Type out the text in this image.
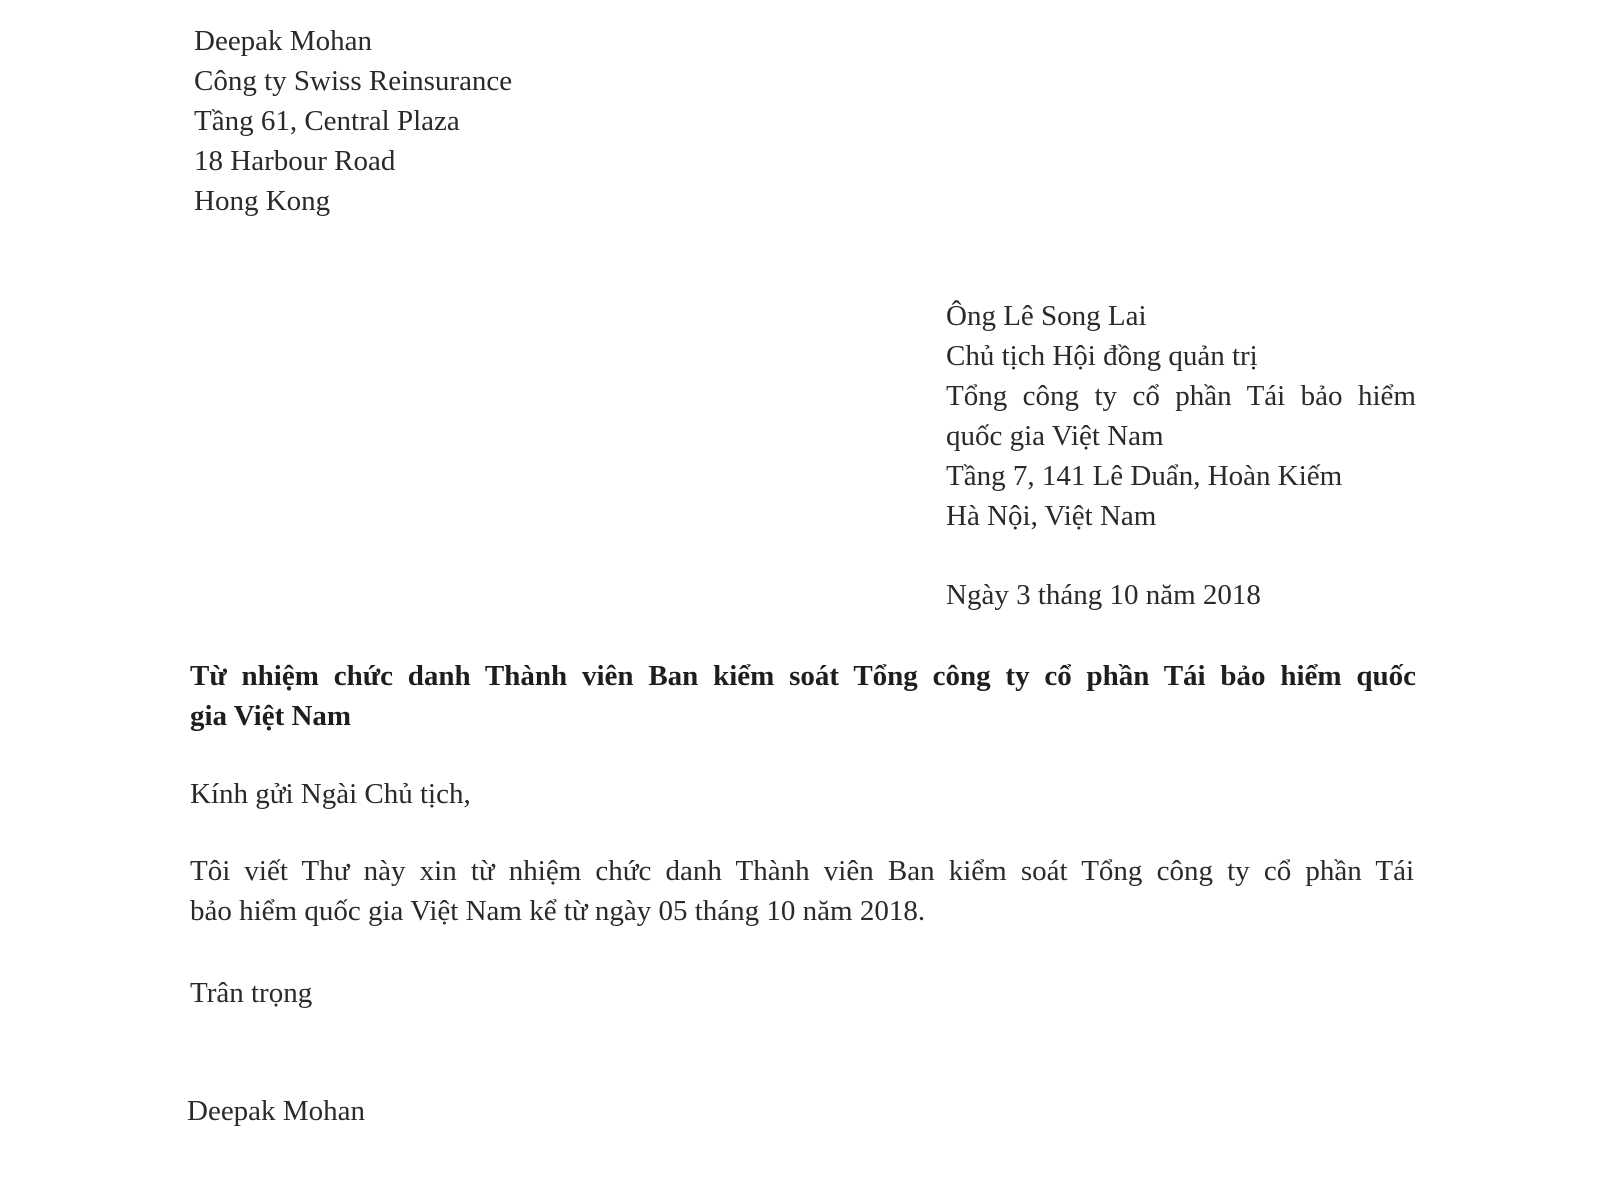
Deepak Mohan
Công ty Swiss Reinsurance
Tầng 61, Central Plaza
18 Harbour Road
Hong Kong
Ông Lê Song Lai
Chủ tịch Hội đồng quản trị
Tổng công ty cổ phần Tái bảo hiểm
quốc gia Việt Nam
Tầng 7, 141 Lê Duẩn, Hoàn Kiếm
Hà Nội, Việt Nam
Ngày 3 tháng 10 năm 2018
Từ nhiệm chức danh Thành viên Ban kiểm soát Tổng công ty cổ phần Tái bảo hiểm quốc
gia Việt Nam
Kính gửi Ngài Chủ tịch,
Tôi viết Thư này xin từ nhiệm chức danh Thành viên Ban kiểm soát Tổng công ty cổ phần Tái
bảo hiểm quốc gia Việt Nam kể từ ngày 05 tháng 10 năm 2018.
Trân trọng
Deepak Mohan
